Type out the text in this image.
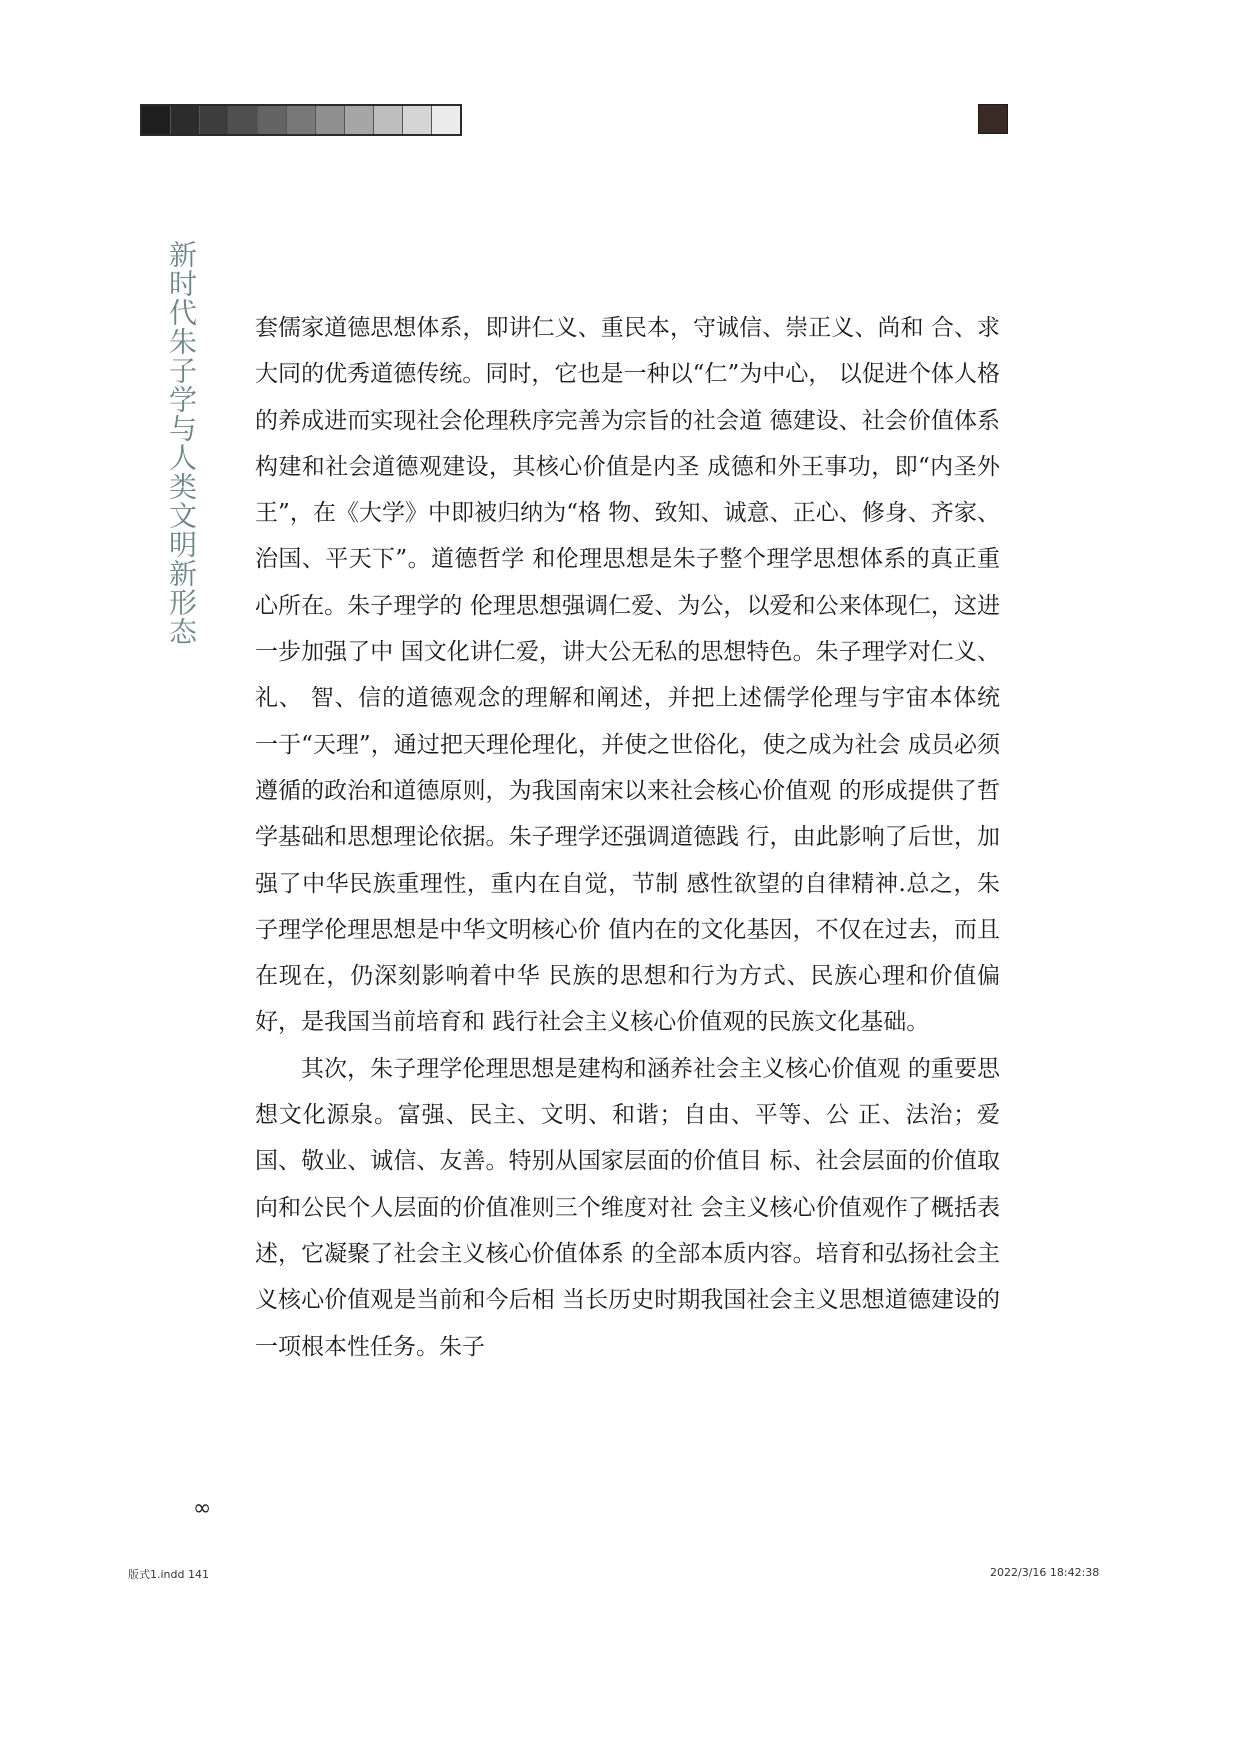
新时代朱子学与人类文明新形态 套儒家道德思想体系，即讲仁义、重民本，守诚信、崇正义、尚和 合、求大同的优秀道德传统。同时，它也是一种以“仁”为中心， 以促进个体人格的养成进而实现社会伦理秩序完善为宗旨的社会道 德建设、社会价值体系构建和社会道德观建设，其核心价值是内圣 成德和外王事功，即“内圣外王”，在《大学》中即被归纳为“格 物、致知、诚意、正心、修身、齐家、治国、平天下”。道德哲学 和伦理思想是朱子整个理学思想体系的真正重心所在。朱子理学的 伦理思想强调仁爱、为公，以爱和公来体现仁，这进一步加强了中 国文化讲仁爱，讲大公无私的思想特色。朱子理学对仁义、礼、 智、信的道德观念的理解和阐述，并把上述儒学伦理与宇宙本体统 一于“天理”，通过把天理伦理化，并使之世俗化，使之成为社会 成员必须遵循的政治和道德原则，为我国南宋以来社会核心价值观 的形成提供了哲学基础和思想理论依据。朱子理学还强调道德践 行，由此影响了后世，加强了中华民族重理性，重内在自觉，节制 感性欲望的自律精神.总之，朱子理学伦理思想是中华文明核心价 值内在的文化基因，不仅在过去，而且在现在，仍深刻影响着中华 民族的思想和行为方式、民族心理和价值偏好，是我国当前培育和 践行社会主义核心价值观的民族文化基础。

其次，朱子理学伦理思想是建构和涵养社会主义核心价值观 的重要思想文化源泉。富强、民主、文明、和谐；自由、平等、公 正、法治；爱国、敬业、诚信、友善。特别从国家层面的价值目 标、社会层面的价值取向和公民个人层面的价值准则三个维度对社 会主义核心价值观作了概括表述，它凝聚了社会主义核心价值体系 的全部本质内容。培育和弘扬社会主义核心价值观是当前和今后相 当长历史时期我国社会主义思想道德建设的一项根本性任务。朱子

∞
版式1.indd 141	2022/3/16 18:42:38
